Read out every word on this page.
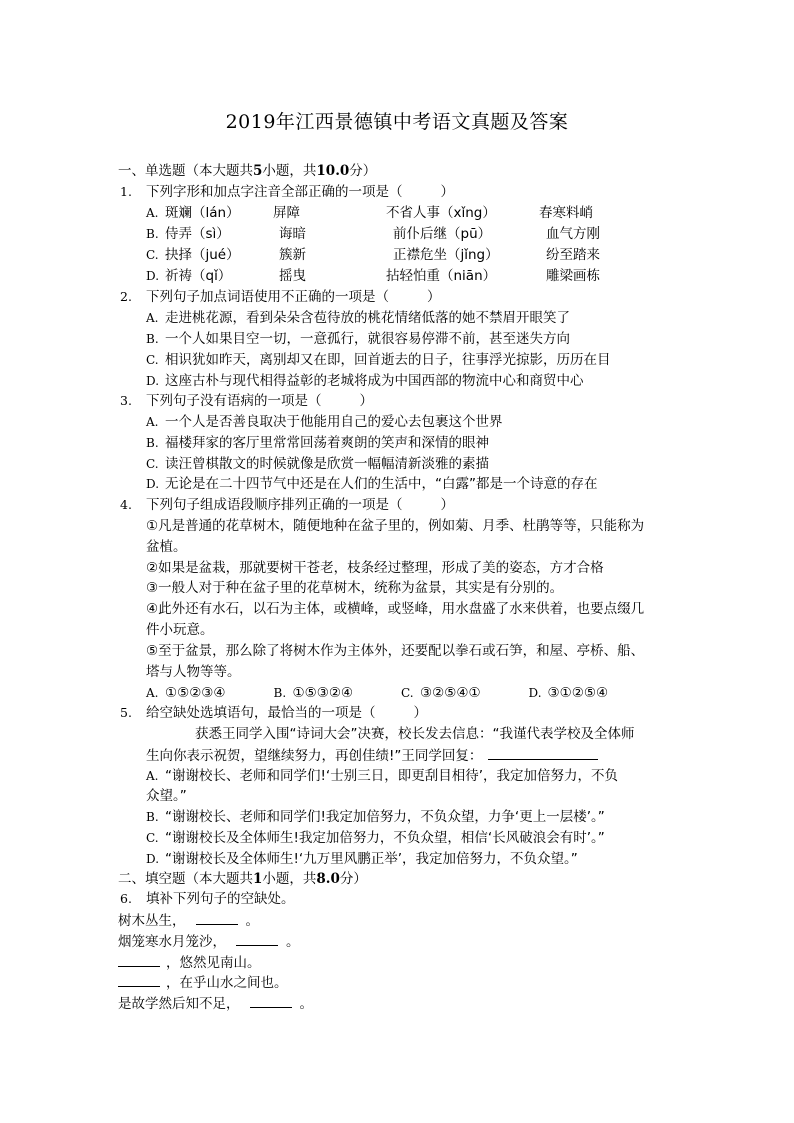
2019年江西景德镇中考语文真题及答案
一、单选题（本大题共5小题，共10.0分）
1. 下列字形和加点字注音全部正确的一项是（	）
A. 斑斓（lán） 屏障	不省人事（xǐng）	春寒料峭
B. 侍弄（sì）	诲暗	前仆后继（pū）	血气方刚
C. 抉择（jué）	簇新	正襟危坐（jǐng）	纷至踏来
D. 祈祷（qǐ）	摇曳	拈轻怕重（niān）	雕梁画栋
2. 下列句子加点词语使用不正确的一项是（	）
A. 走进桃花源，看到朵朵含苞待放的桃花情绪低落的她不禁眉开眼笑了
B. 一个人如果目空一切，一意孤行，就很容易停滞不前，甚至迷失方向
C. 相识犹如昨天，离别却又在即，回首逝去的日子，往事浮光掠影，历历在目
D. 这座古朴与现代相得益彰的老城将成为中国西部的物流中心和商贸中心
3. 下列句子没有语病的一项是（	）
A. 一个人是否善良取决于他能用自己的爱心去包裹这个世界
B. 福楼拜家的客厅里常常回荡着爽朗的笑声和深情的眼神
C. 读汪曾棋散文的时候就像是欣赏一幅幅清新淡雅的素描
D. 无论是在二十四节气中还是在人们的生活中，“白露”都是一个诗意的存在
4. 下列句子组成语段顺序排列正确的一项是（	）
①凡是普通的花草树木，随便地种在盆子里的，例如菊、月季、杜鹃等等，只能称为
盆植。
②如果是盆栽，那就要树干苍老，枝条经过整理，形成了美的姿态，方才合格
③一般人对于种在盆子里的花草树木，统称为盆景，其实是有分别的。
④此外还有水石，以石为主体，或横峰，或竖峰，用水盘盛了水来供着，也要点缀几
件小玩意。
⑤至于盆景，那么除了将树木作为主体外，还要配以拳石或石笋，和屋、亭桥、船、
塔与人物等等。
A. ①⑤②③④	B. ①⑤③②④	C. ③②⑤④①	D. ③①②⑤④
5. 给空缺处选填语句，最恰当的一项是（	）
获悉王同学入围“诗词大会”决赛，校长发去信息：“我谨代表学校及全体师
生向你表示祝贺，望继续努力，再创佳绩!”王同学回复：
A. “谢谢校长、老师和同学们!‘士别三日，即更刮目相待’，我定加倍努力，不负
众望。”
B. “谢谢校长、老师和同学们!我定加倍努力，不负众望，力争‘更上一层楼’。”
C. “谢谢校长及全体师生!我定加倍努力，不负众望，相信‘长风破浪会有时’。”
D. “谢谢校长及全体师生!‘九万里风鹏正举’，我定加倍努力，不负众望。”
二、填空题（本大题共1小题，共8.0分）
6. 填补下列句子的空缺处。
树木丛生，	。
烟笼寒水月笼沙，	。
，悠然见南山。
，在乎山水之间也。
是故学然后知不足，	。
